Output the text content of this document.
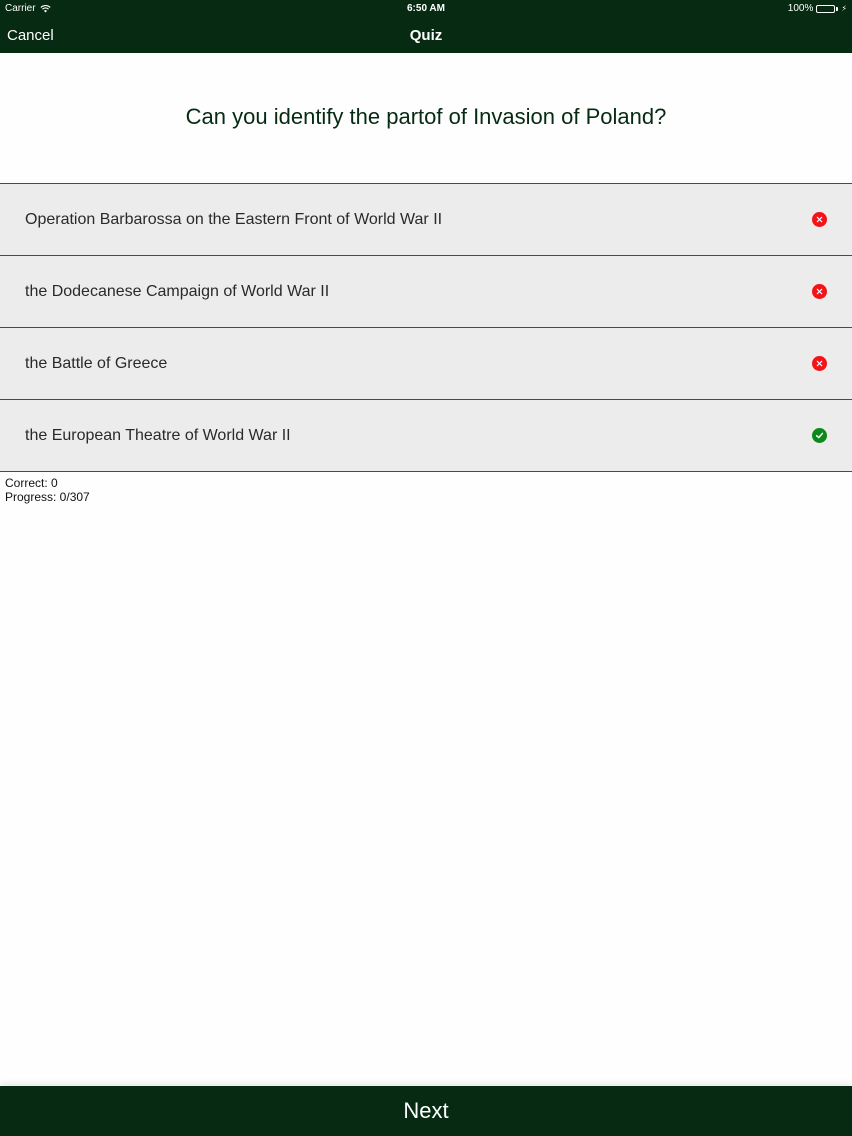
Carrier	6:50 AM	100%	⚡
Cancel	Quiz
Can you identify the partof of Invasion of Poland?
Operation Barbarossa on the Eastern Front of World War II
the Dodecanese Campaign of World War II
the Battle of Greece
the European Theatre of World War II
Correct: 0
Progress: 0/307
Next
